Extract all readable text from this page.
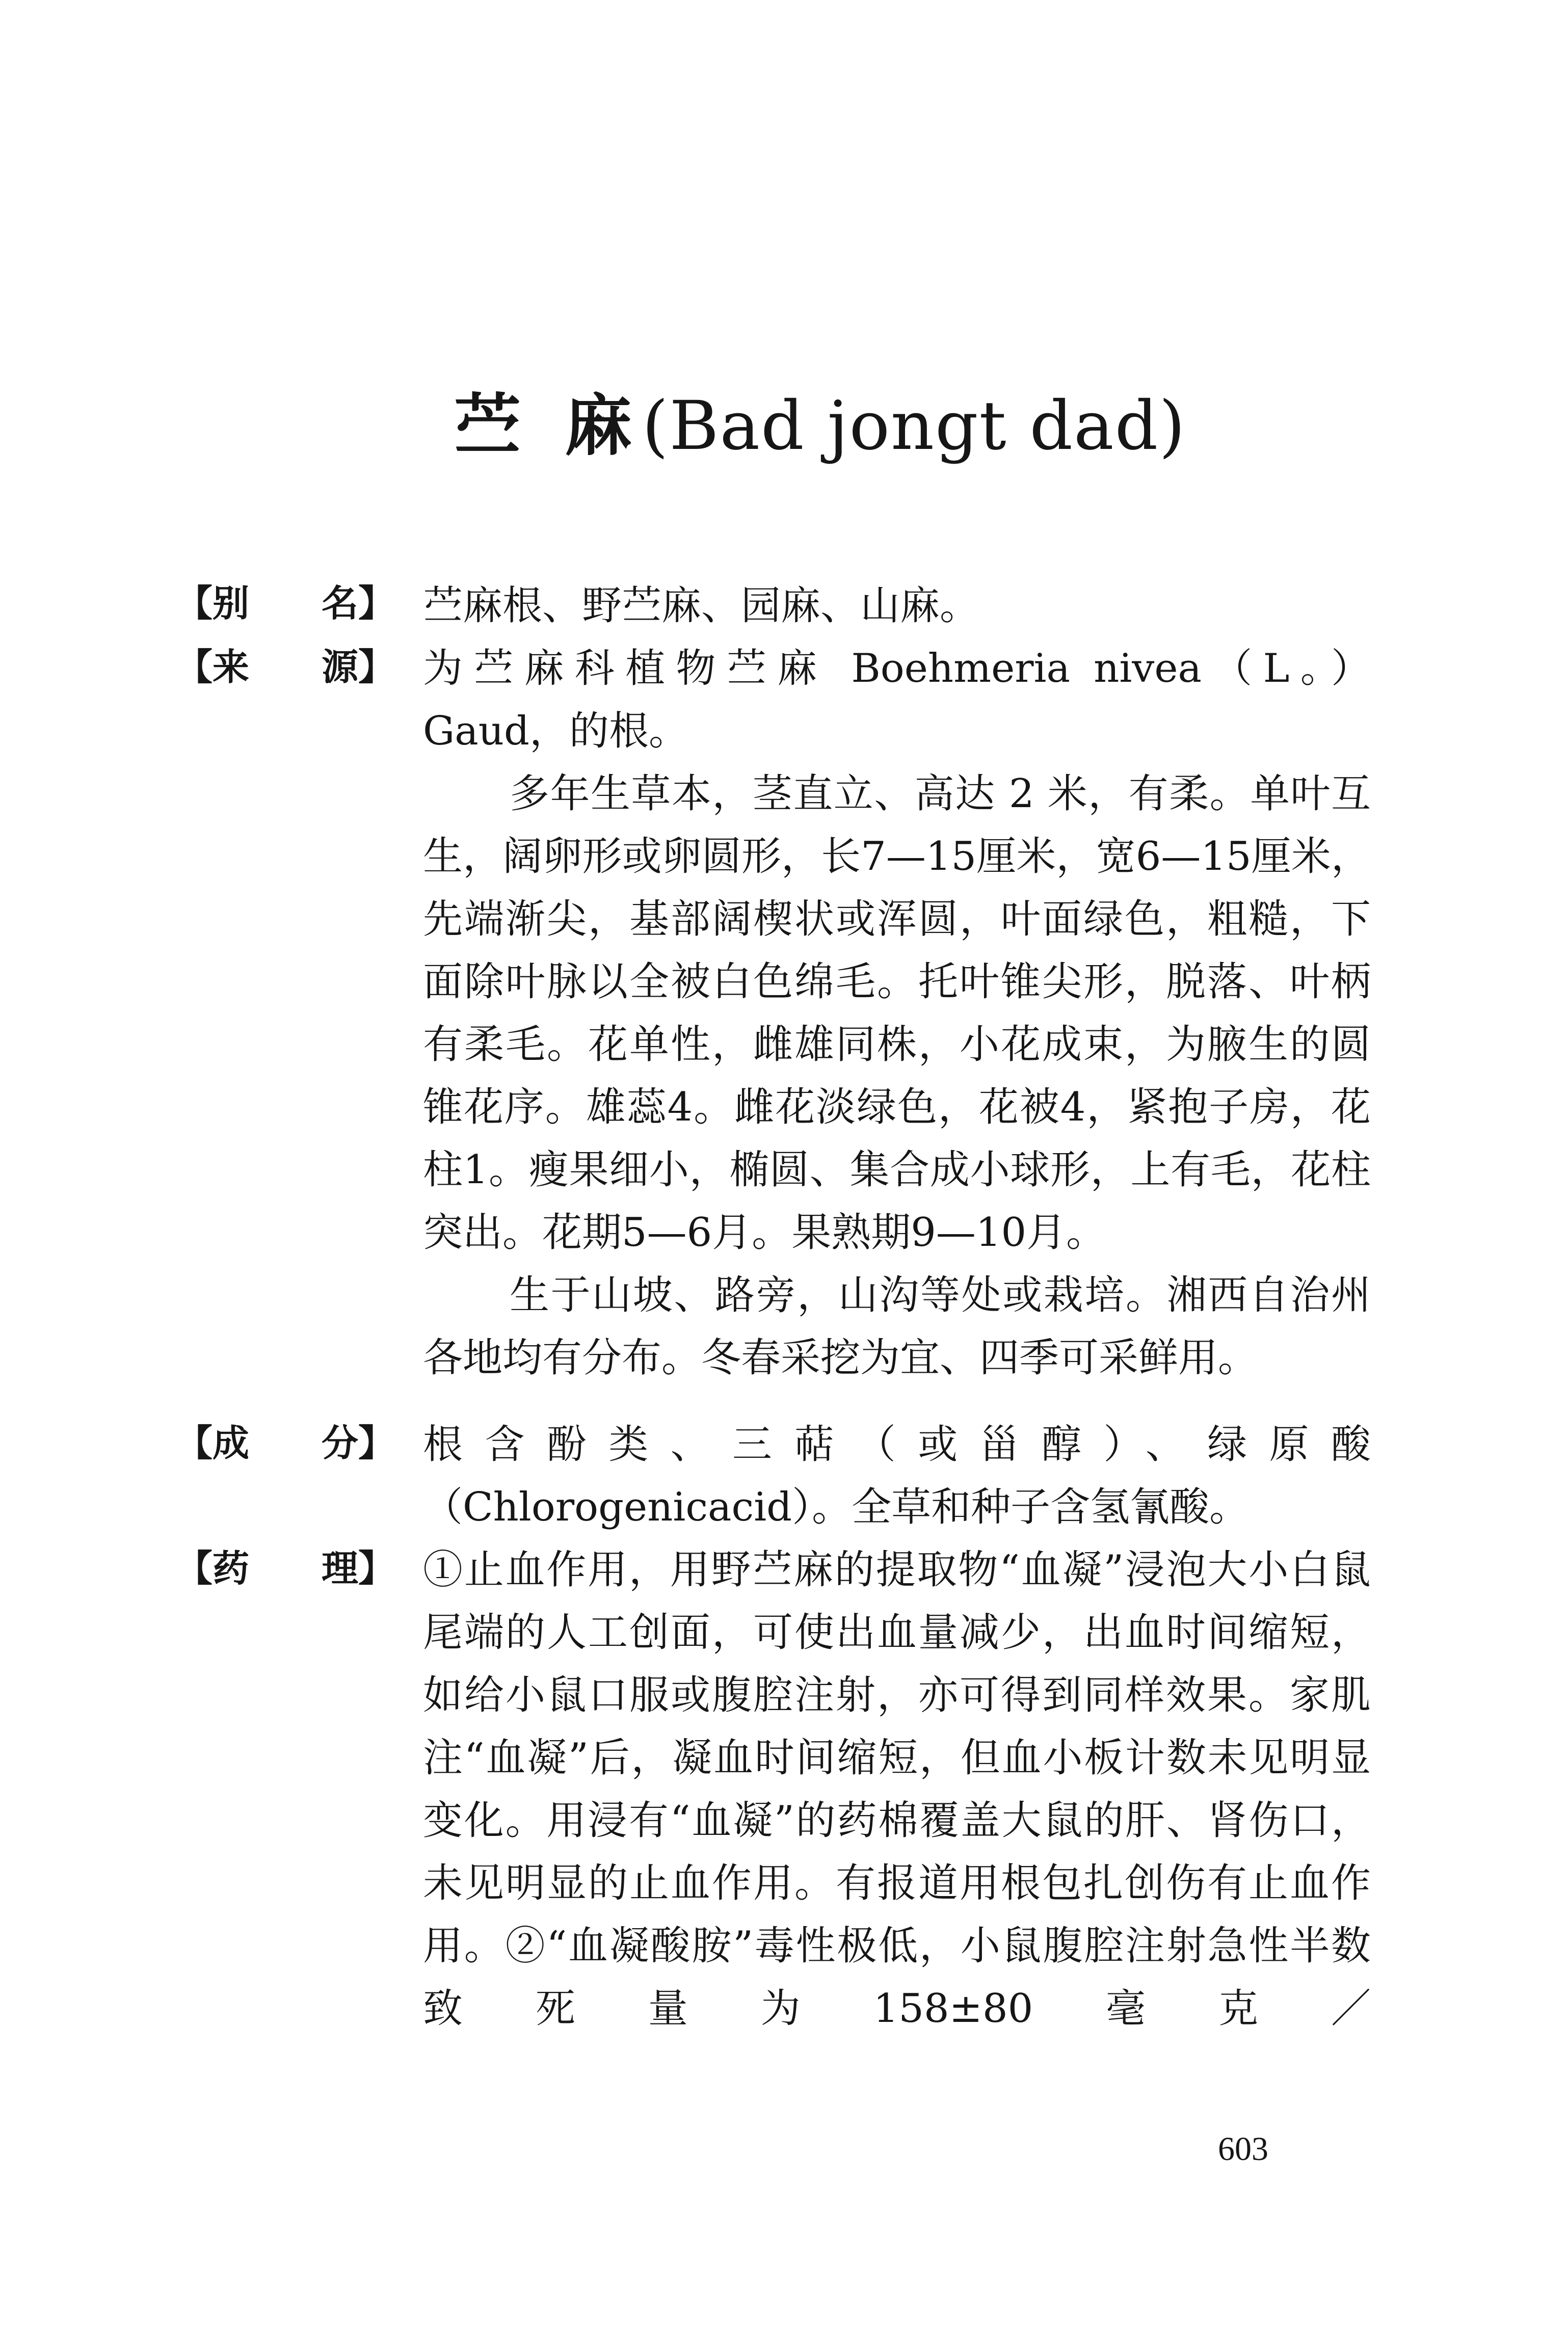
苎 麻(Bad jongt dad)
【别 名】 苎麻根、野苎麻、园麻、山麻。

【来 源】 为苎麻科植物苎麻 Boehmeria nivea（L。）

Gaud，的根。

多年生草本，茎直立、高达 2 米，有柔。单叶互生，阔卵形或卵圆形，长7—15厘米，宽6—15厘米，先端渐尖，基部阔楔状或浑圆，叶面绿色，粗糙，下面除叶脉以全被白色绵毛。托叶锥尖形，脱落、叶柄有柔毛。花单性，雌雄同株，小花成束，为腋生的圆锥花序。雄蕊4。雌花淡绿色，花被4，紧抱子房，花柱1。瘦果细小，椭圆、集合成小球形，上有毛，花柱突出。花期5—6月。果熟期9—10月。

生于山坡、路旁，山沟等处或栽培。湘西自治州各地均有分布。冬春采挖为宜、四季可采鲜用。

【成 分】 根含酚类、三萜（或甾醇）、绿原酸（Chlorogenicacid）。全草和种子含氢氰酸。

【药 理】 ①止血作用，用野苎麻的提取物“血凝”浸泡大小白鼠尾端的人工创面，可使出血量减少，出血时间缩短，如给小鼠口服或腹腔注射，亦可得到同样效果。家肌注“血凝”后，凝血时间缩短，但血小板计数未见明显变化。用浸有“血凝”的药棉覆盖大鼠的肝、肾伤口，未见明显的止血作用。有报道用根包扎创伤有止血作用。②“血凝酸胺”毒性极低，小鼠腹腔注射急性半数致死量为158±80毫克／

603
